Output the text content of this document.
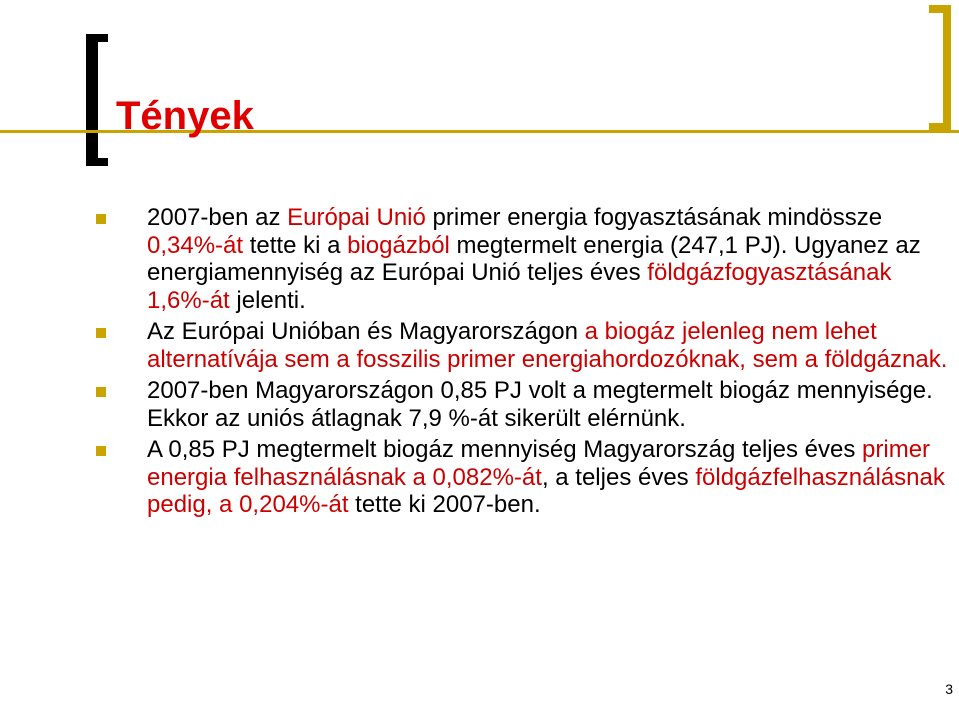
Tények
2007-ben az Európai Unió primer energia fogyasztásának mindössze 0,34%-át tette ki a biogázból megtermelt energia (247,1 PJ). Ugyanez az energiamennyiség az Európai Unió teljes éves földgázfogyasztásának 1,6%-át jelenti.
Az Európai Unióban és Magyarországon a biogáz jelenleg nem lehet alternatívája sem a fosszilis primer energiahordozóknak, sem a földgáznak.
2007-ben Magyarországon 0,85 PJ volt a megtermelt biogáz mennyisége. Ekkor az uniós átlagnak 7,9 %-át sikerült elérnünk.
A 0,85 PJ megtermelt biogáz mennyiség Magyarország teljes éves primer energia felhasználásnak a 0,082%-át, a teljes éves földgázfelhasználásnak pedig, a 0,204%-át tette ki 2007-ben.
3
